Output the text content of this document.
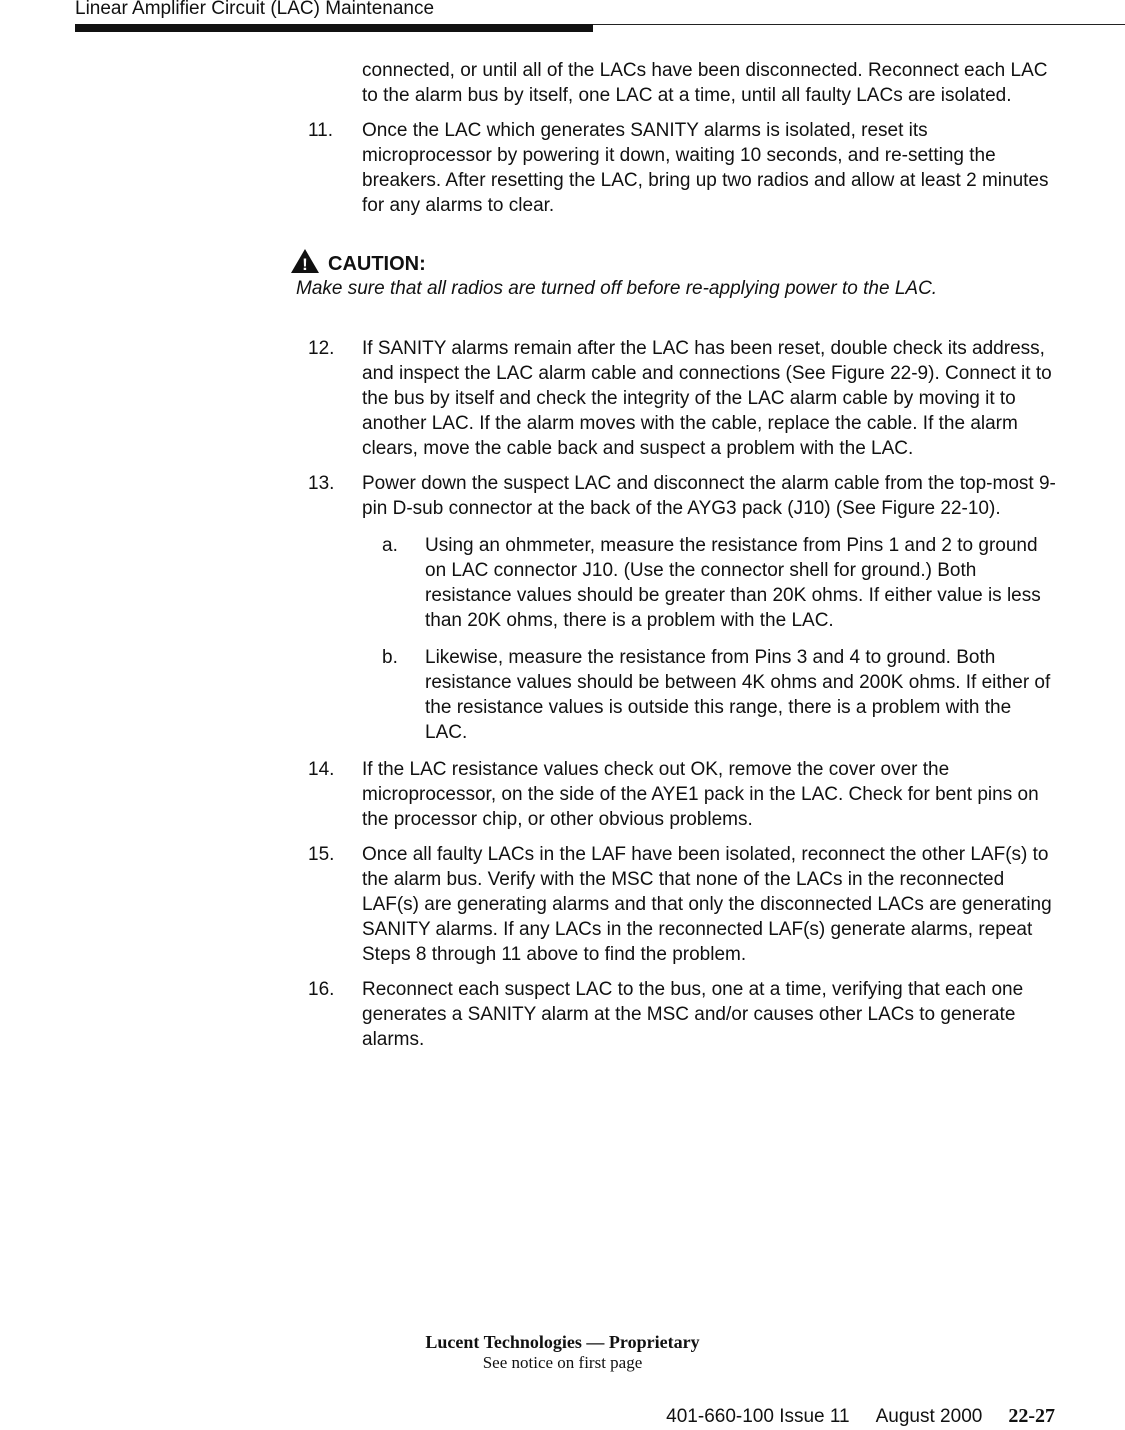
Linear Amplifier Circuit (LAC) Maintenance

connected, or until all of the LACs have been disconnected. Reconnect each LAC to the alarm bus by itself, one LAC at a time, until all faulty LACs are isolated.

11. Once the LAC which generates SANITY alarms is isolated, reset its microprocessor by powering it down, waiting 10 seconds, and re-setting the breakers. After resetting the LAC, bring up two radios and allow at least 2 minutes for any alarms to clear.
! CAUTION:

Make sure that all radios are turned off before re-applying power to the LAC.

12. If SANITY alarms remain after the LAC has been reset, double check its address, and inspect the LAC alarm cable and connections (See Figure 22-9). Connect it to the bus by itself and check the integrity of the LAC alarm cable by moving it to another LAC. If the alarm moves with the cable, replace the cable. If the alarm clears, move the cable back and suspect a problem with the LAC.
13. Power down the suspect LAC and disconnect the alarm cable from the top-most 9-pin D-sub connector at the back of the AYG3 pack (J10) (See Figure 22-10).
a. Using an ohmmeter, measure the resistance from Pins 1 and 2 to ground on LAC connector J10. (Use the connector shell for ground.) Both resistance values should be greater than 20K ohms. If either value is less than 20K ohms, there is a problem with the LAC.
b. Likewise, measure the resistance from Pins 3 and 4 to ground. Both resistance values should be between 4K ohms and 200K ohms. If either of the resistance values is outside this range, there is a problem with the LAC.
14. If the LAC resistance values check out OK, remove the cover over the microprocessor, on the side of the AYE1 pack in the LAC. Check for bent pins on the processor chip, or other obvious problems.
15. Once all faulty LACs in the LAF have been isolated, reconnect the other LAF(s) to the alarm bus. Verify with the MSC that none of the LACs in the reconnected LAF(s) are generating alarms and that only the disconnected LACs are generating SANITY alarms. If any LACs in the reconnected LAF(s) generate alarms, repeat Steps 8 through 11 above to find the problem.
16. Reconnect each suspect LAC to the bus, one at a time, verifying that each one generates a SANITY alarm at the MSC and/or causes other LACs to generate alarms.
Lucent Technologies — Proprietary
See notice on first page
401-660-100 Issue 11 August 2000 22-27
